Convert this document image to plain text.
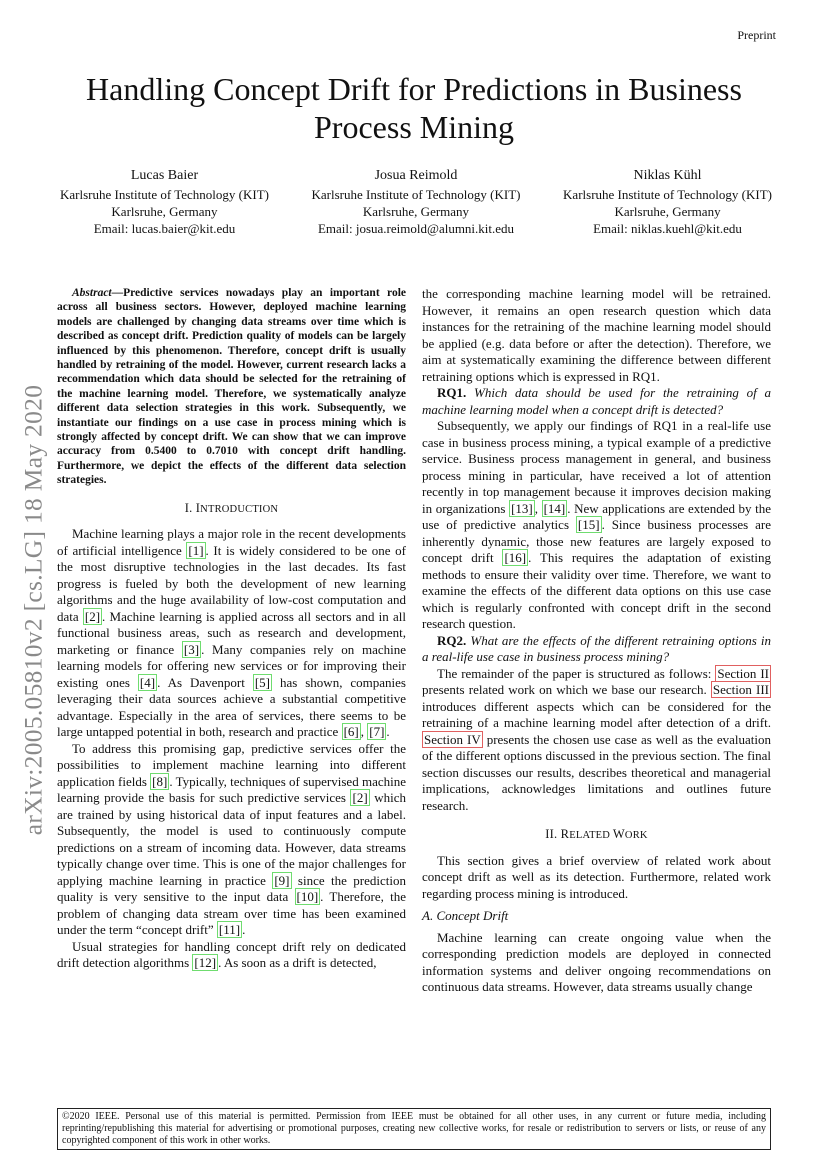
Preprint
arXiv:2005.05810v2 [cs.LG] 18 May 2020
Handling Concept Drift for Predictions in Business Process Mining
Lucas Baier
Karlsruhe Institute of Technology (KIT)
Karlsruhe, Germany
Email: lucas.baier@kit.edu
Josua Reimold
Karlsruhe Institute of Technology (KIT)
Karlsruhe, Germany
Email: josua.reimold@alumni.kit.edu
Niklas Kühl
Karlsruhe Institute of Technology (KIT)
Karlsruhe, Germany
Email: niklas.kuehl@kit.edu

Abstract—Predictive services nowadays play an important role across all business sectors. However, deployed machine learning models are challenged by changing data streams over time which is described as concept drift. Prediction quality of models can be largely influenced by this phenomenon. Therefore, concept drift is usually handled by retraining of the model. However, current research lacks a recommendation which data should be selected for the retraining of the machine learning model. Therefore, we systematically analyze different data selection strategies in this work. Subsequently, we instantiate our findings on a use case in process mining which is strongly affected by concept drift. We can show that we can improve accuracy from 0.5400 to 0.7010 with concept drift handling. Furthermore, we depict the effects of the different data selection strategies.

I. INTRODUCTION

Machine learning plays a major role in the recent developments of artificial intelligence [1] . It is widely considered to be one of the most disruptive technologies in the last decades. Its fast progress is fueled by both the development of new learning algorithms and the huge availability of low-cost computation and data [2] . Machine learning is applied across all sectors and in all functional business areas, such as research and development, marketing or finance [3] . Many companies rely on machine learning models for offering new services or for improving their existing ones [4] . As Davenport [5] has shown, companies leveraging their data sources achieve a substantial competitive advantage. Especially in the area of services, there seems to be large untapped potential in both, research and practice [6] , [7] .

To address this promising gap, predictive services offer the possibilities to implement machine learning into different application fields [8] . Typically, techniques of supervised machine learning provide the basis for such predictive services [2] which are trained by using historical data of input features and a label. Subsequently, the model is used to continuously compute predictions on a stream of incoming data. However, data streams typically change over time. This is one of the major challenges for applying machine learning in practice [9] since the prediction quality is very sensitive to the input data [10] . Therefore, the problem of changing data stream over time has been examined under the term “concept drift” [11] .

Usual strategies for handling concept drift rely on dedicated drift detection algorithms [12] . As soon as a drift is detected,

the corresponding machine learning model will be retrained. However, it remains an open research question which data instances for the retraining of the machine learning model should be applied (e.g. data before or after the detection). Therefore, we aim at systematically examining the difference between different retraining options which is expressed in RQ1.

RQ1. Which data should be used for the retraining of a machine learning model when a concept drift is detected?

Subsequently, we apply our findings of RQ1 in a real-life use case in business process mining, a typical example of a predictive service. Business process management in general, and business process mining in particular, have received a lot of attention recently in top management because it improves decision making in organizations [13] , [14] . New applications are extended by the use of predictive analytics [15] . Since business processes are inherently dynamic, those new features are largely exposed to concept drift [16] . This requires the adaptation of existing methods to ensure their validity over time. Therefore, we want to examine the effects of the different data options on this use case which is regularly confronted with concept drift in the second research question.

RQ2. What are the effects of the different retraining options in a real-life use case in business process mining?

The remainder of the paper is structured as follows: Section II presents related work on which we base our research. Section III introduces different aspects which can be considered for the retraining of a machine learning model after detection of a drift. Section IV presents the chosen use case as well as the evaluation of the different options discussed in the previous section. The final section discusses our results, describes theoretical and managerial implications, acknowledges limitations and outlines future research.

II. RELATED WORK

This section gives a brief overview of related work about concept drift as well as its detection. Furthermore, related work regarding process mining is introduced.

A. Concept Drift

Machine learning can create ongoing value when the corresponding prediction models are deployed in connected information systems and deliver ongoing recommendations on continuous data streams. However, data streams usually change

©2020 IEEE. Personal use of this material is permitted. Permission from IEEE must be obtained for all other uses, in any current or future media, including reprinting/republishing this material for advertising or promotional purposes, creating new collective works, for resale or redistribution to servers or lists, or reuse of any copyrighted component of this work in other works.
